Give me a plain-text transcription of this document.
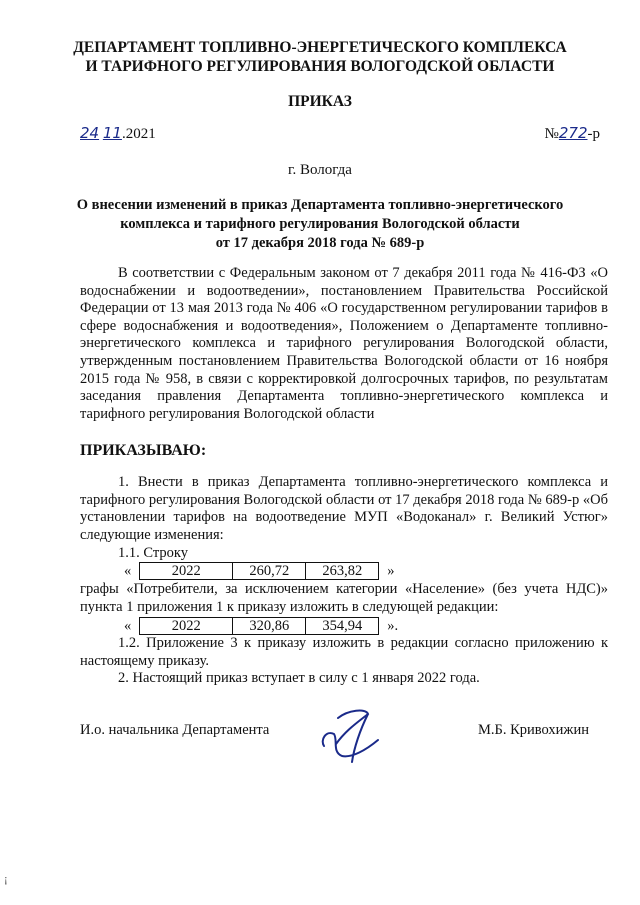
ДЕПАРТАМЕНТ ТОПЛИВНО-ЭНЕРГЕТИЧЕСКОГО КОМПЛЕКСА
И ТАРИФНОГО РЕГУЛИРОВАНИЯ ВОЛОГОДСКОЙ ОБЛАСТИ
ПРИКАЗ
24 11.2021	№272-р
г. Вологда
О внесении изменений в приказ Департамента топливно-энергетического
комплекса и тарифного регулирования Вологодской области
от 17 декабря 2018 года № 689-р
В соответствии с Федеральным законом от 7 декабря 2011 года № 416-ФЗ «О водоснабжении и водоотведении», постановлением Правительства Российской Федерации от 13 мая 2013 года № 406 «О государственном регулировании тарифов в сфере водоснабжения и водоотведения», Положением о Департаменте топливно-энергетического комплекса и тарифного регулирования Вологодской области, утвержденным постановлением Правительства Вологодской области от 16 ноября 2015 года № 958, в связи с корректировкой долгосрочных тарифов, по результатам заседания правления Департамента топливно-энергетического комплекса и тарифного регулирования Вологодской области
ПРИКАЗЫВАЮ:
1. Внести в приказ Департамента топливно-энергетического комплекса и тарифного регулирования Вологодской области от 17 декабря 2018 года № 689-р «Об установлении тарифов на водоотведение МУП «Водоканал» г. Великий Устюг» следующие изменения:
1.1. Строку
«	2022	260,72	263,82 »
графы «Потребители, за исключением категории «Население» (без учета НДС)» пункта 1 приложения 1 к приказу изложить в следующей редакции:
«	2022	320,86	354,94 ».
1.2. Приложение 3 к приказу изложить в редакции согласно приложению к настоящему приказу.
2. Настоящий приказ вступает в силу с 1 января 2022 года.
И.о. начальника Департамента	М.Б. Кривохижин
¡
